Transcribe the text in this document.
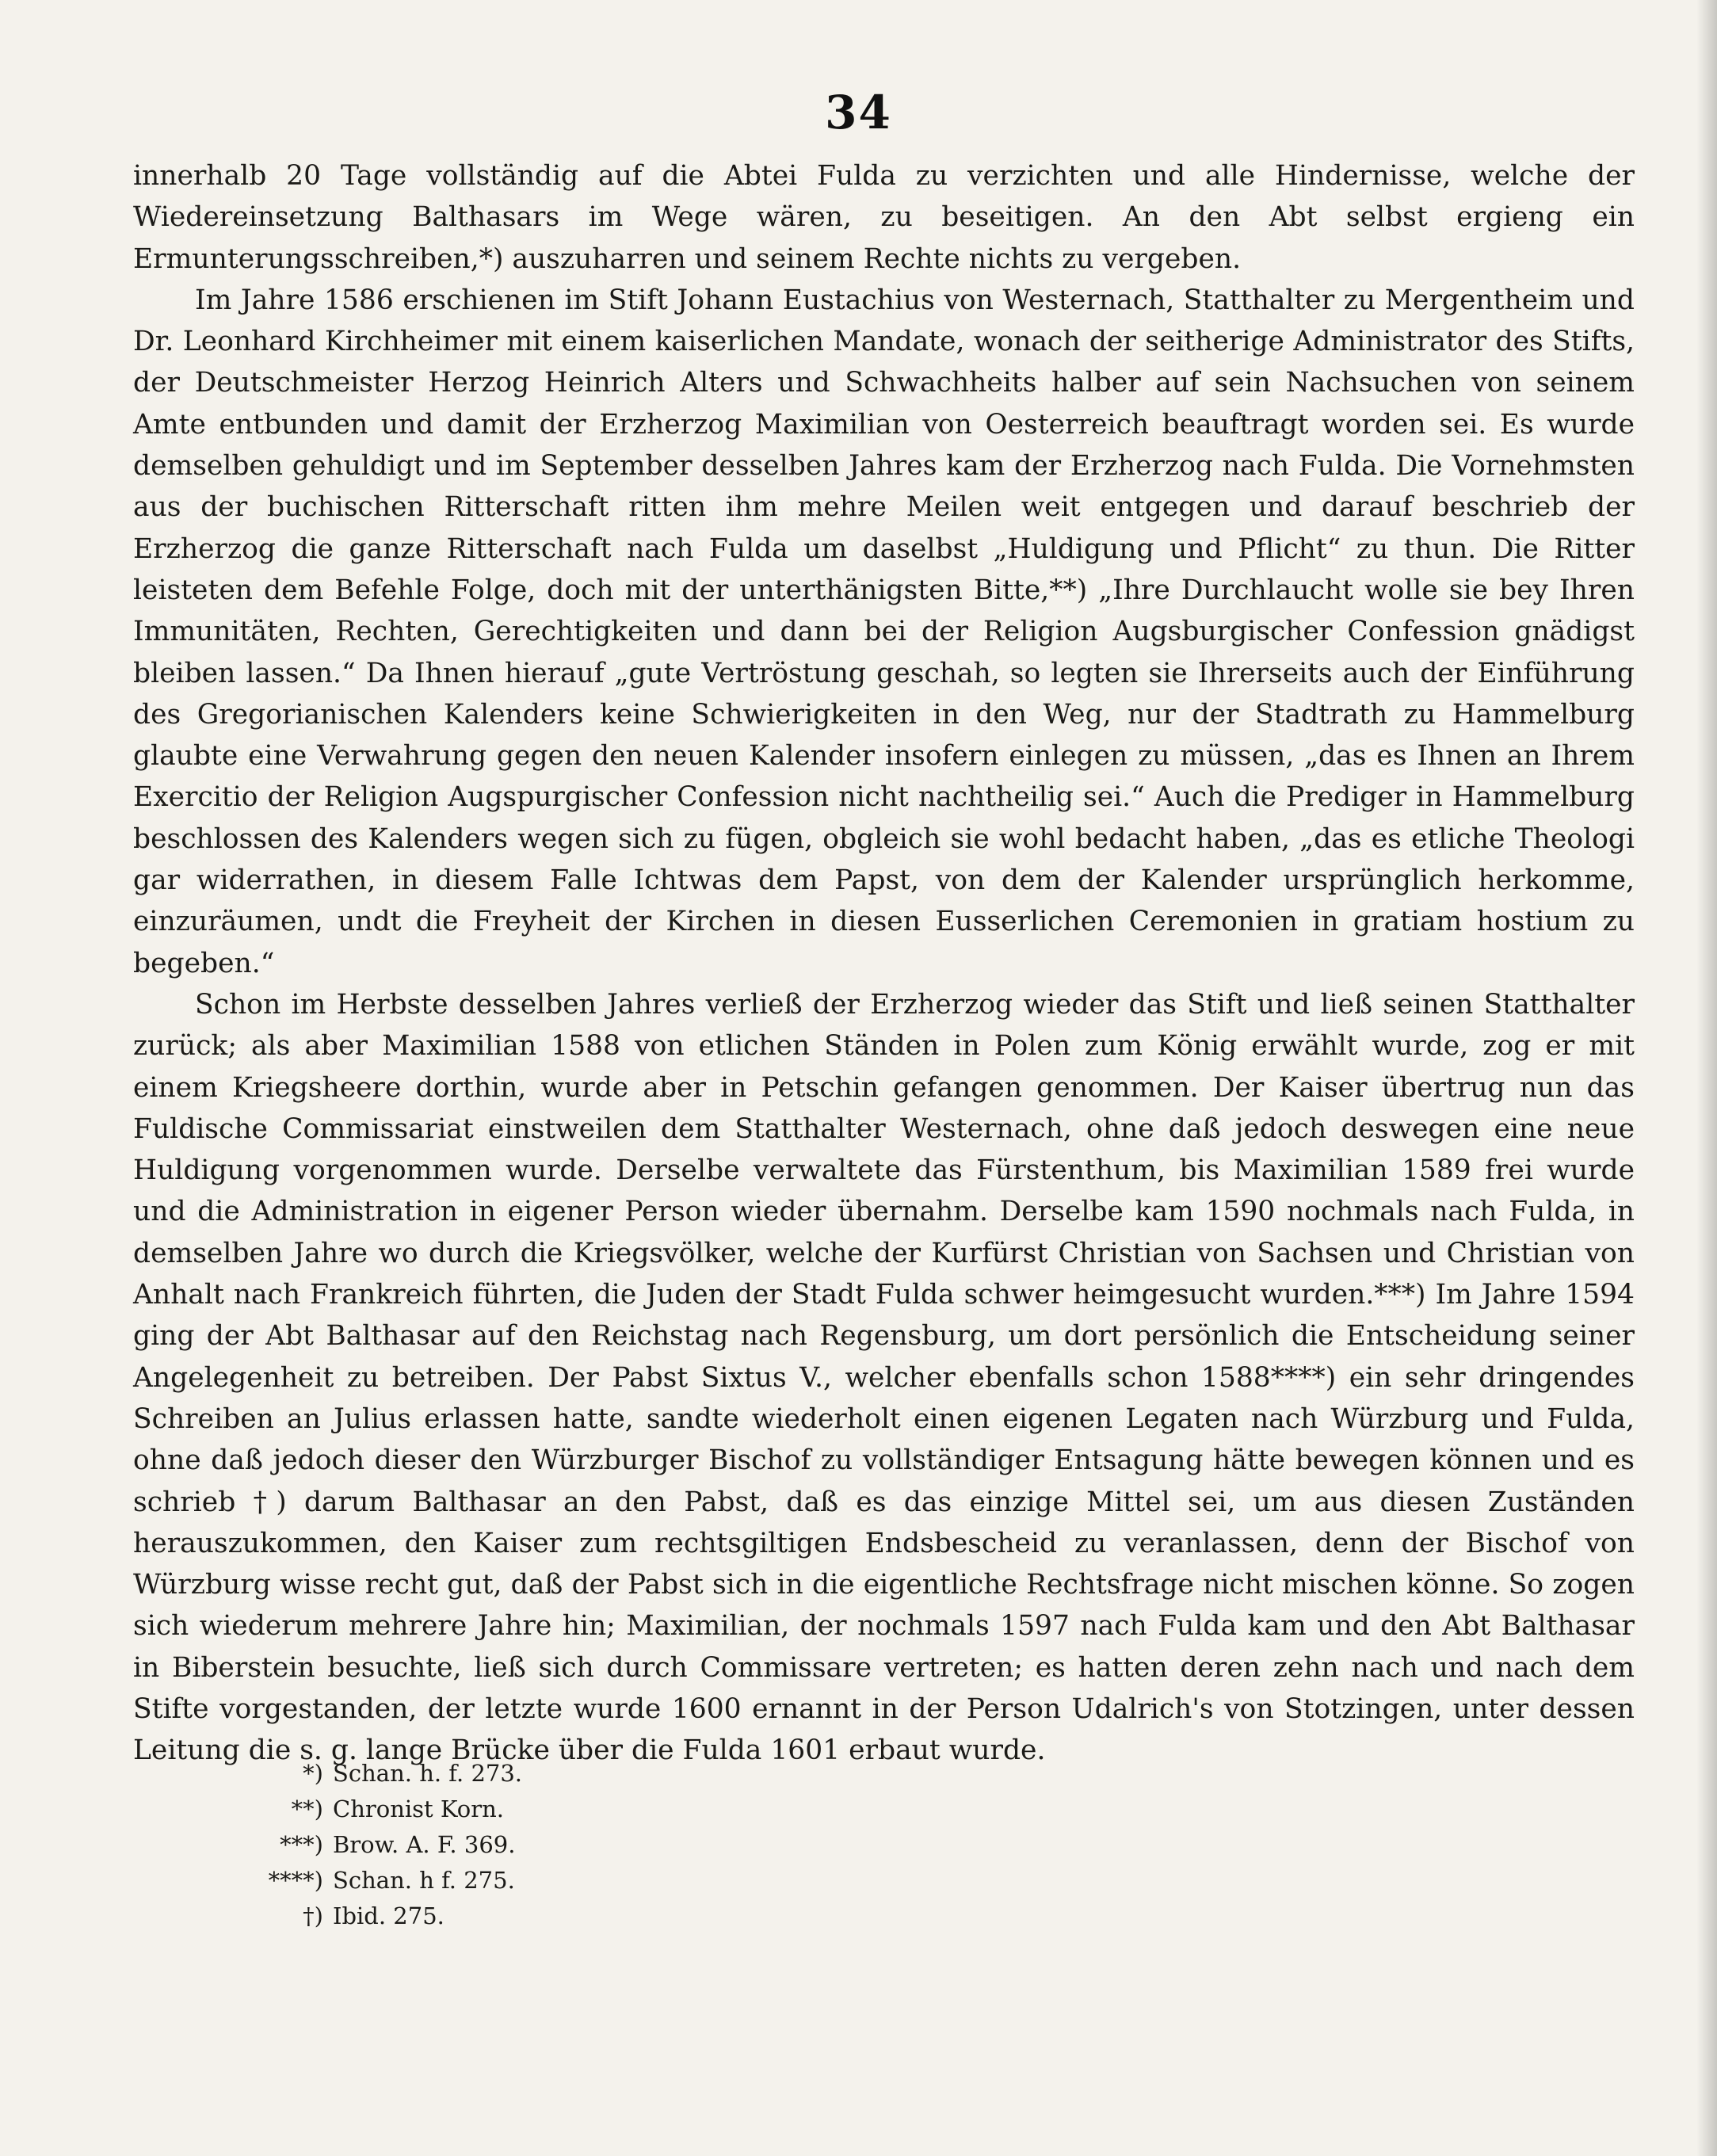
34

innerhalb 20 Tage vollständig auf die Abtei Fulda zu verzichten und alle Hindernisse, welche der Wiedereinsetzung Balthasars im Wege wären, zu beseitigen. An den Abt selbst ergieng ein Ermunterungsschreiben,*) auszuharren und seinem Rechte nichts zu vergeben.

Im Jahre 1586 erschienen im Stift Johann Eustachius von Westernach, Statthalter zu Mergentheim und Dr. Leonhard Kirchheimer mit einem kaiserlichen Mandate, wonach der seitherige Administrator des Stifts, der Deutschmeister Herzog Heinrich Alters und Schwachheits halber auf sein Nachsuchen von seinem Amte entbunden und damit der Erzherzog Maximilian von Oesterreich beauftragt worden sei. Es wurde demselben gehuldigt und im September desselben Jahres kam der Erzherzog nach Fulda. Die Vornehmsten aus der buchischen Ritterschaft ritten ihm mehre Meilen weit entgegen und darauf beschrieb der Erzherzog die ganze Ritterschaft nach Fulda um daselbst „Huldigung und Pflicht“ zu thun. Die Ritter leisteten dem Befehle Folge, doch mit der unterthänigsten Bitte,**) „Ihre Durchlaucht wolle sie bey Ihren Immunitäten, Rechten, Gerechtigkeiten und dann bei der Religion Augsburgischer Confession gnädigst bleiben lassen.“ Da Ihnen hierauf „gute Vertröstung geschah, so legten sie Ihrerseits auch der Einführung des Gregorianischen Kalenders keine Schwierigkeiten in den Weg, nur der Stadtrath zu Hammelburg glaubte eine Verwahrung gegen den neuen Kalender insofern einlegen zu müssen, „das es Ihnen an Ihrem Exercitio der Religion Augspurgischer Confession nicht nachtheilig sei.“ Auch die Prediger in Hammelburg beschlossen des Kalenders wegen sich zu fügen, obgleich sie wohl bedacht haben, „das es etliche Theologi gar widerrathen, in diesem Falle Ichtwas dem Papst, von dem der Kalender ursprünglich herkomme, einzuräumen, undt die Freyheit der Kirchen in diesen Eusserlichen Ceremonien in gratiam hostium zu begeben.“

Schon im Herbste desselben Jahres verließ der Erzherzog wieder das Stift und ließ seinen Statthalter zurück; als aber Maximilian 1588 von etlichen Ständen in Polen zum König erwählt wurde, zog er mit einem Kriegsheere dorthin, wurde aber in Petschin gefangen genommen. Der Kaiser übertrug nun das Fuldische Commissariat einstweilen dem Statthalter Westernach, ohne daß jedoch deswegen eine neue Huldigung vorgenommen wurde. Derselbe verwaltete das Fürstenthum, bis Maximilian 1589 frei wurde und die Administration in eigener Person wieder übernahm. Derselbe kam 1590 nochmals nach Fulda, in demselben Jahre wo durch die Kriegsvölker, welche der Kurfürst Christian von Sachsen und Christian von Anhalt nach Frankreich führten, die Juden der Stadt Fulda schwer heimgesucht wurden.***) Im Jahre 1594 ging der Abt Balthasar auf den Reichstag nach Regensburg, um dort persönlich die Entscheidung seiner Angelegenheit zu betreiben. Der Pabst Sixtus V., welcher ebenfalls schon 1588****) ein sehr dringendes Schreiben an Julius erlassen hatte, sandte wiederholt einen eigenen Legaten nach Würzburg und Fulda, ohne daß jedoch dieser den Würzburger Bischof zu vollständiger Entsagung hätte bewegen können und es schrieb †) darum Balthasar an den Pabst, daß es das einzige Mittel sei, um aus diesen Zuständen herauszukommen, den Kaiser zum rechtsgiltigen Endsbescheid zu veranlassen, denn der Bischof von Würzburg wisse recht gut, daß der Pabst sich in die eigentliche Rechtsfrage nicht mischen könne. So zogen sich wiederum mehrere Jahre hin; Maximilian, der nochmals 1597 nach Fulda kam und den Abt Balthasar in Biberstein besuchte, ließ sich durch Commissare vertreten; es hatten deren zehn nach und nach dem Stifte vorgestanden, der letzte wurde 1600 ernannt in der Person Udalrich's von Stotzingen, unter dessen Leitung die s. g. lange Brücke über die Fulda 1601 erbaut wurde.

*) Schan. h. f. 273.
**) Chronist Korn.
***) Brow. A. F. 369.
****) Schan. h f. 275.
†) Ibid. 275.
